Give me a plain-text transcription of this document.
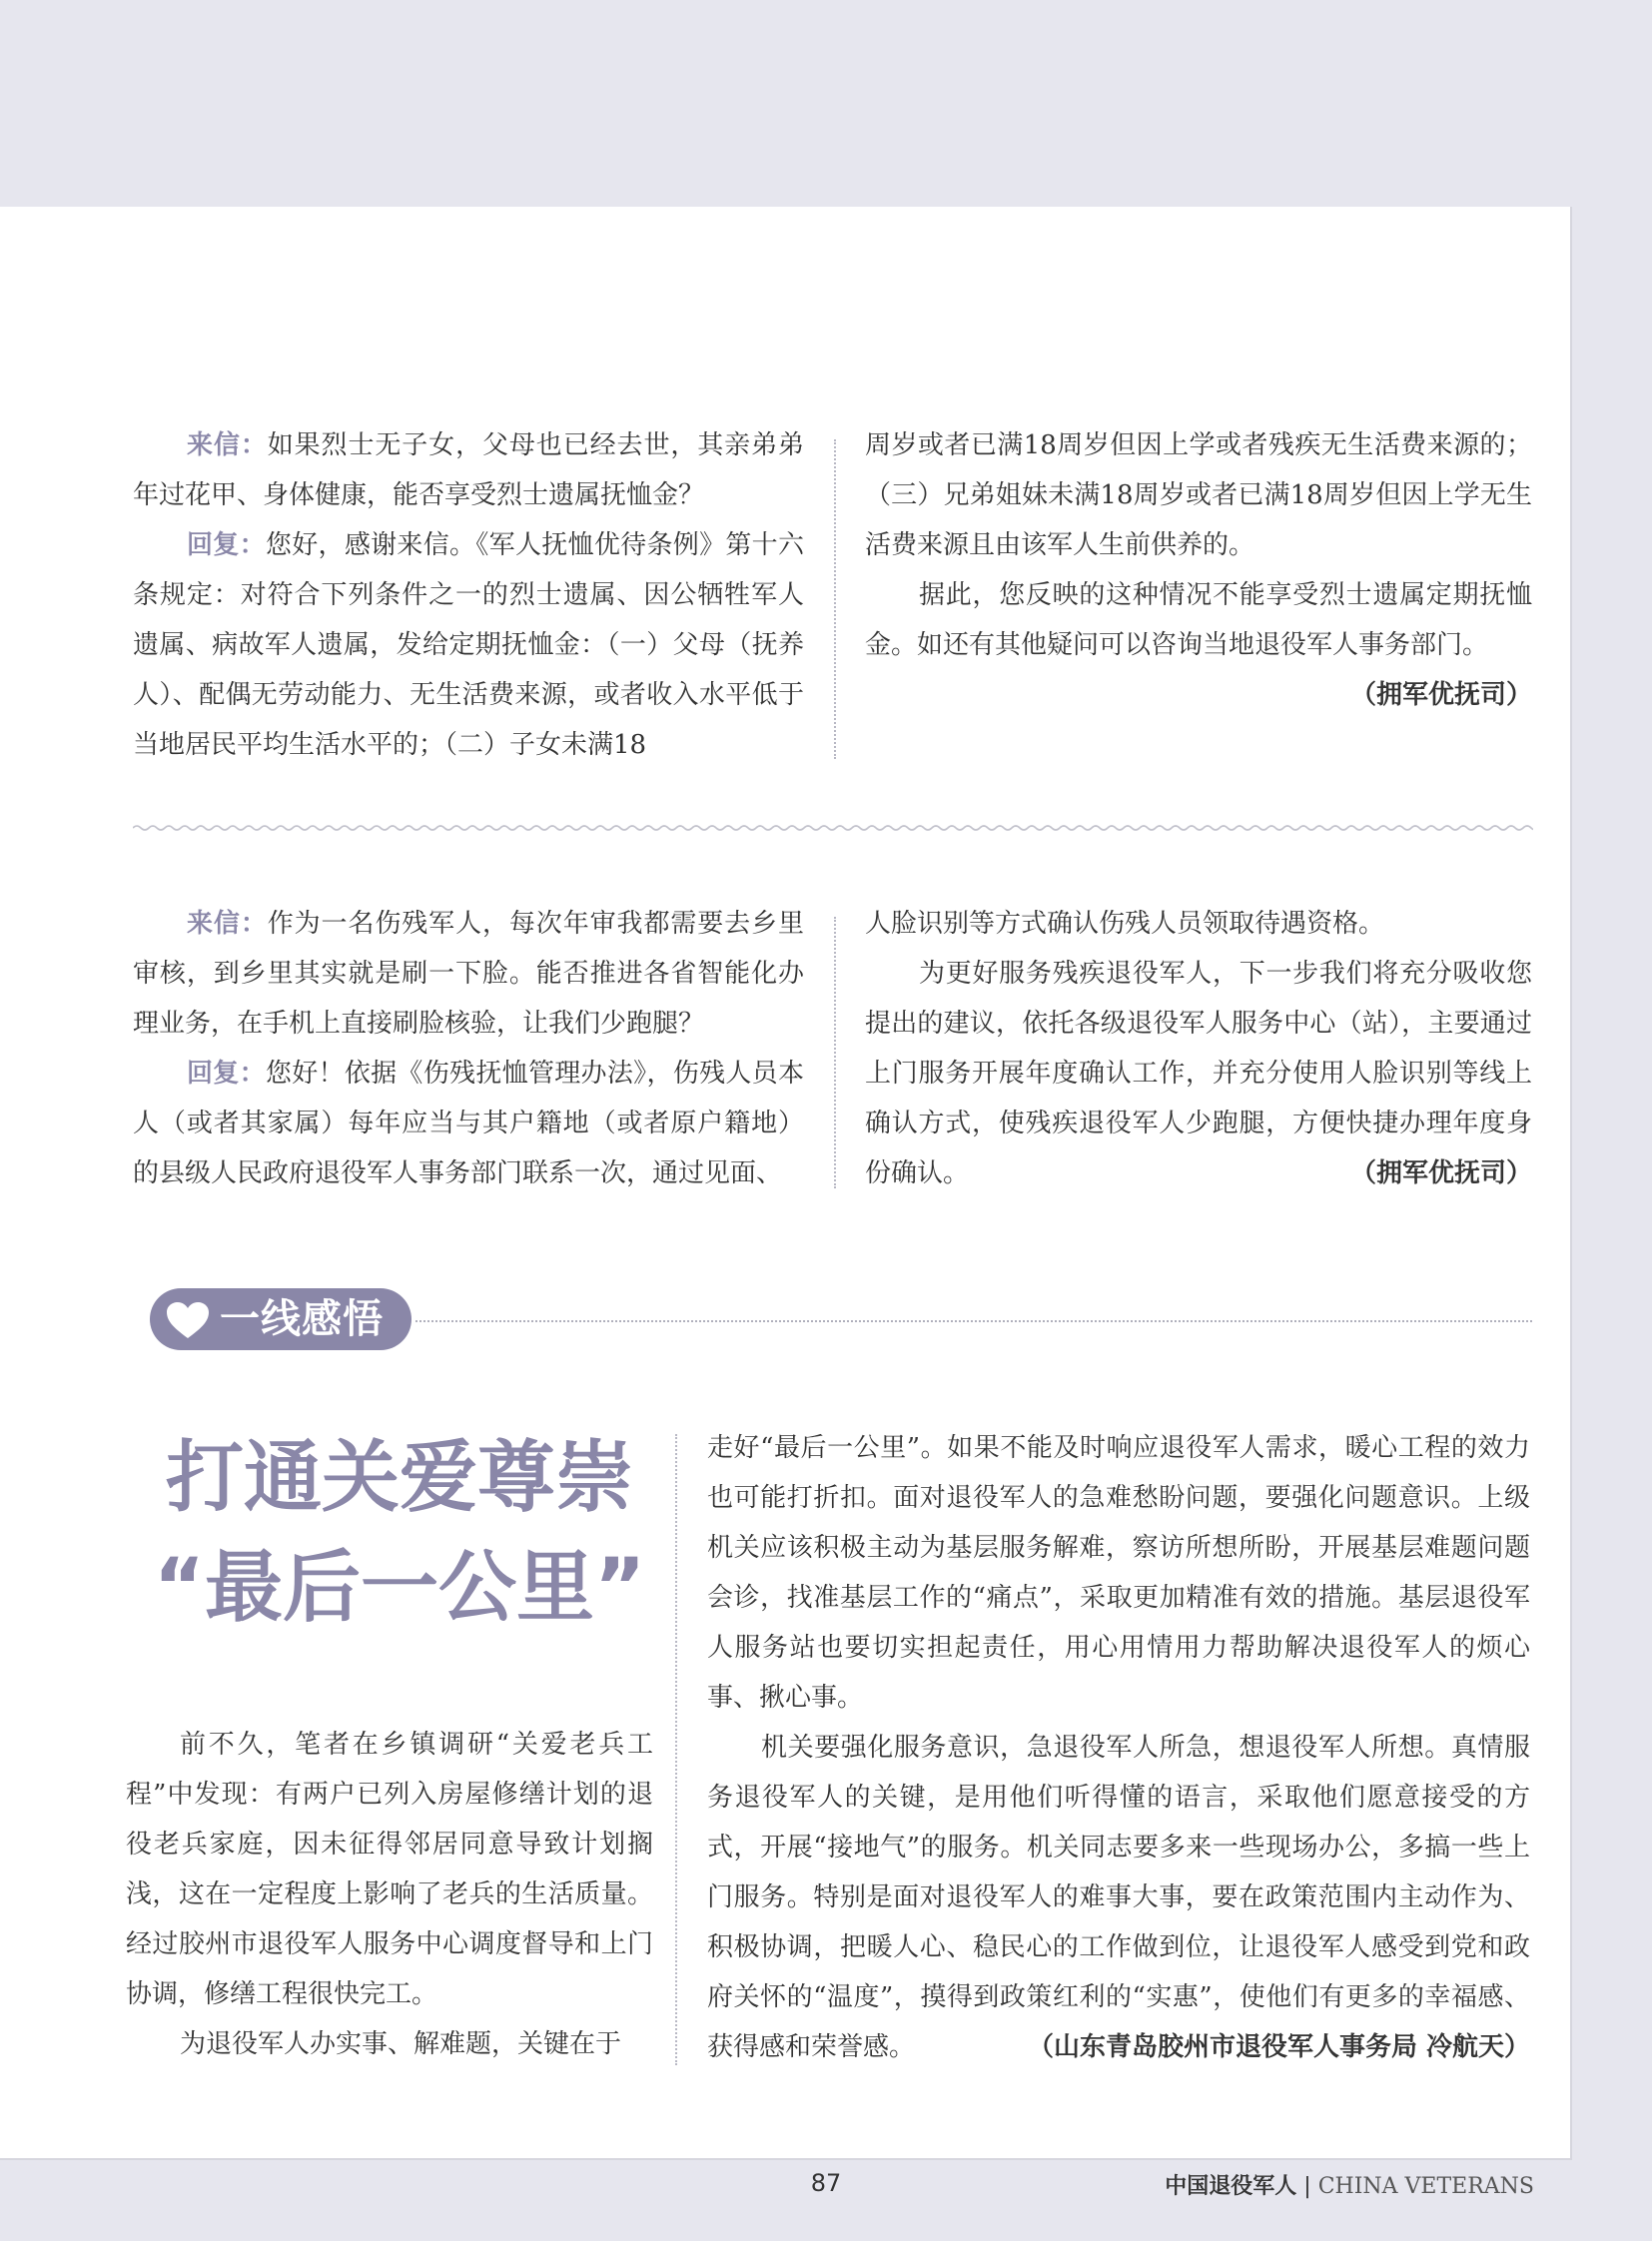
来信：如果烈士无子女，父母也已经去世，其亲弟弟年过花甲、身体健康，能否享受烈士遗属抚恤金？

回复：您好，感谢来信。《军人抚恤优待条例》第十六条规定：对符合下列条件之一的烈士遗属、因公牺牲军人遗属、病故军人遗属，发给定期抚恤金：（一）父母（抚养人）、配偶无劳动能力、无生活费来源，或者收入水平低于当地居民平均生活水平的；（二）子女未满18

周岁或者已满18周岁但因上学或者残疾无生活费来源的；（三）兄弟姐妹未满18周岁或者已满18周岁但因上学无生活费来源且由该军人生前供养的。

据此，您反映的这种情况不能享受烈士遗属定期抚恤金。如还有其他疑问可以咨询当地退役军人事务部门。

（拥军优抚司）

来信：作为一名伤残军人，每次年审我都需要去乡里审核，到乡里其实就是刷一下脸。能否推进各省智能化办理业务，在手机上直接刷脸核验，让我们少跑腿？

回复：您好！依据《伤残抚恤管理办法》，伤残人员本人（或者其家属）每年应当与其户籍地（或者原户籍地）的县级人民政府退役军人事务部门联系一次，通过见面、

人脸识别等方式确认伤残人员领取待遇资格。

为更好服务残疾退役军人，下一步我们将充分吸收您提出的建议，依托各级退役军人服务中心（站），主要通过上门服务开展年度确认工作，并充分使用人脸识别等线上确认方式，使残疾退役军人少跑腿，方便快捷办理年度身份确认。	（拥军优抚司）

一线感悟
打通关爱尊崇
“最后一公里”

前不久，笔者在乡镇调研“关爱老兵工程”中发现：有两户已列入房屋修缮计划的退役老兵家庭，因未征得邻居同意导致计划搁浅，这在一定程度上影响了老兵的生活质量。经过胶州市退役军人服务中心调度督导和上门协调，修缮工程很快完工。

为退役军人办实事、解难题，关键在于

走好“最后一公里”。如果不能及时响应退役军人需求，暖心工程的效力也可能打折扣。面对退役军人的急难愁盼问题，要强化问题意识。上级机关应该积极主动为基层服务解难，察访所想所盼，开展基层难题问题会诊，找准基层工作的“痛点”，采取更加精准有效的措施。基层退役军人服务站也要切实担起责任，用心用情用力帮助解决退役军人的烦心事、揪心事。

机关要强化服务意识，急退役军人所急，想退役军人所想。真情服务退役军人的关键，是用他们听得懂的语言，采取他们愿意接受的方式，开展“接地气”的服务。机关同志要多来一些现场办公，多搞一些上门服务。特别是面对退役军人的难事大事，要在政策范围内主动作为、积极协调，把暖人心、稳民心的工作做到位，让退役军人感受到党和政府关怀的“温度”，摸得到政策红利的“实惠”，使他们有更多的幸福感、获得感和荣誉感。	（山东青岛胶州市退役军人事务局 冷航天）

87	中国退役军人 | CHINA VETERANS
